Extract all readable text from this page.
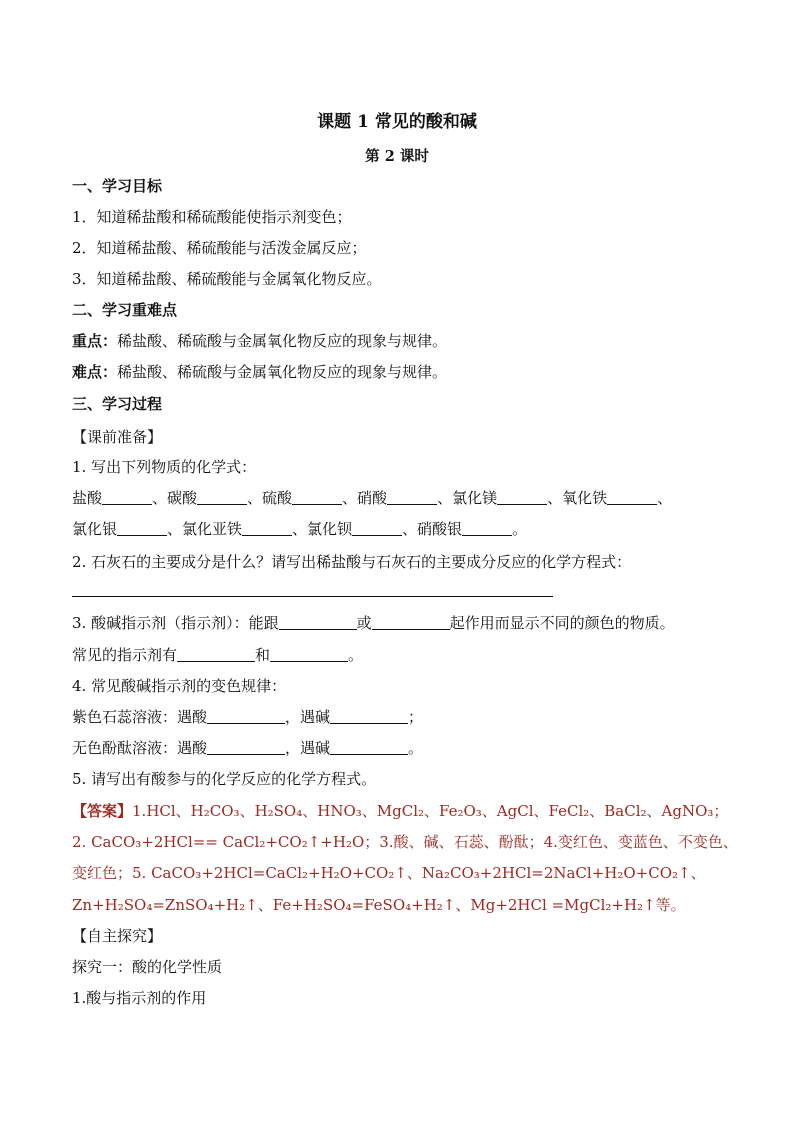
课题 1 常见的酸和碱
第 2 课时
一、学习目标
1．知道稀盐酸和稀硫酸能使指示剂变色；
2．知道稀盐酸、稀硫酸能与活泼金属反应；
3．知道稀盐酸、稀硫酸能与金属氧化物反应。
二、学习重难点
重点：稀盐酸、稀硫酸与金属氧化物反应的现象与规律。
难点：稀盐酸、稀硫酸与金属氧化物反应的现象与规律。
三、学习过程
【课前准备】
1. 写出下列物质的化学式：
盐酸	、碳酸	、硫酸	、硝酸	、氯化镁	、氧化铁	、
氯化银	、氯化亚铁	、氯化钡	、硝酸银	。
2. 石灰石的主要成分是什么？请写出稀盐酸与石灰石的主要成分反应的化学方程式：
3. 酸碱指示剂（指示剂）：能跟	或	起作用而显示不同的颜色的物质。
常见的指示剂有	和	。
4. 常见酸碱指示剂的变色规律：
紫色石蕊溶液：遇酸	，遇碱	；
无色酚酞溶液：遇酸	，遇碱	。
5. 请写出有酸参与的化学反应的化学方程式。
【答案】1.HCl、H₂CO₃、H₂SO₄、HNO₃、MgCl₂、Fe₂O₃、AgCl、FeCl₂、BaCl₂、AgNO₃；
2. CaCO₃+2HCl== CaCl₂+CO₂↑+H₂O；3.酸、碱、石蕊、酚酞；4.变红色、变蓝色、不变色、
变红色；5. CaCO₃+2HCl=CaCl₂+H₂O+CO₂↑、Na₂CO₃+2HCl=2NaCl+H₂O+CO₂↑、
Zn+H₂SO₄=ZnSO₄+H₂↑、Fe+H₂SO₄=FeSO₄+H₂↑、Mg+2HCl =MgCl₂+H₂↑等。
【自主探究】
探究一：酸的化学性质
1.酸与指示剂的作用
